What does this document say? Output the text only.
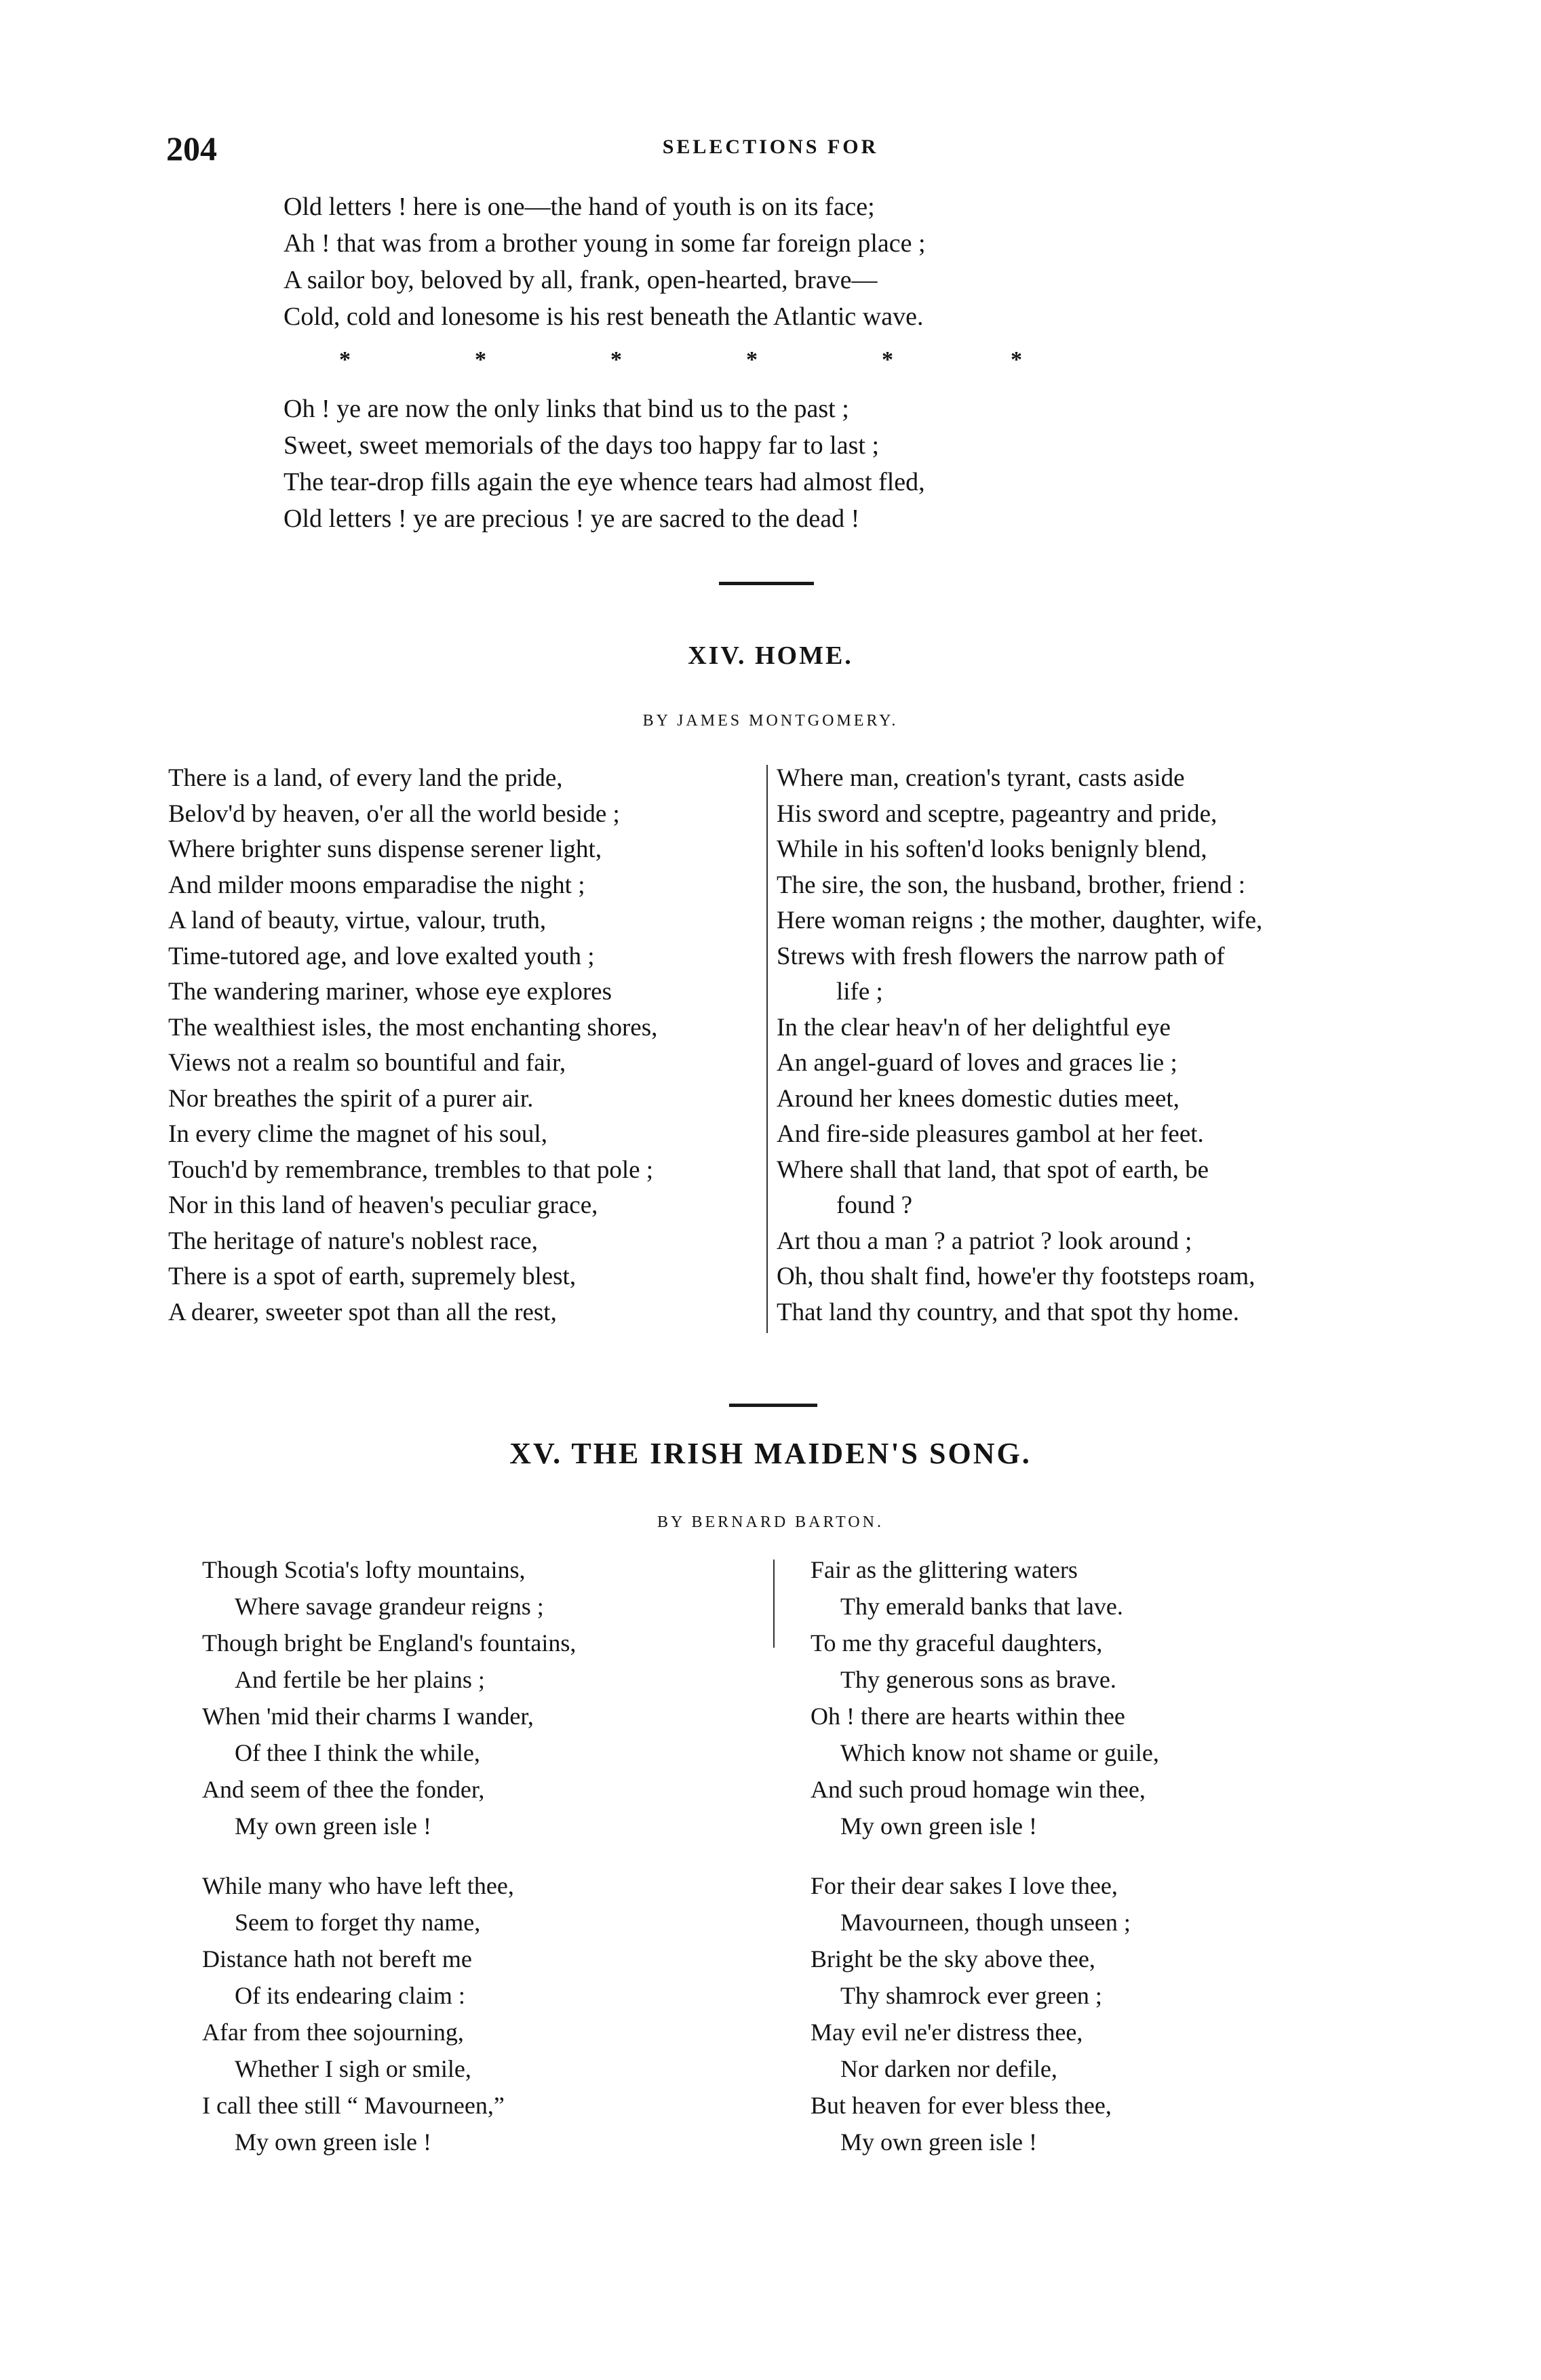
204	SELECTIONS FOR
Old letters ! here is one—the hand of youth is on its face;
Ah ! that was from a brother young in some far foreign place ;
A sailor boy, beloved by all, frank, open-hearted, brave—
Cold, cold and lonesome is his rest beneath the Atlantic wave.
*	*	*	*	*	*
Oh ! ye are now the only links that bind us to the past ;
Sweet, sweet memorials of the days too happy far to last ;
The tear-drop fills again the eye whence tears had almost fled,
Old letters ! ye are precious ! ye are sacred to the dead !
XIV. HOME.
BY JAMES MONTGOMERY.
There is a land, of every land the pride,
Belov'd by heaven, o'er all the world beside ;
Where brighter suns dispense serener light,
And milder moons emparadise the night ;
A land of beauty, virtue, valour, truth,
Time-tutored age, and love exalted youth ;
The wandering mariner, whose eye explores
The wealthiest isles, the most enchanting shores,
Views not a realm so bountiful and fair,
Nor breathes the spirit of a purer air.
In every clime the magnet of his soul,
Touch'd by remembrance, trembles to that pole ;
Nor in this land of heaven's peculiar grace,
The heritage of nature's noblest race,
There is a spot of earth, supremely blest,
A dearer, sweeter spot than all the rest,
Where man, creation's tyrant, casts aside
His sword and sceptre, pageantry and pride,
While in his soften'd looks benignly blend,
The sire, the son, the husband, brother, friend :
Here woman reigns ; the mother, daughter, wife,
Strews with fresh flowers the narrow path of
life ;
In the clear heav'n of her delightful eye
An angel-guard of loves and graces lie ;
Around her knees domestic duties meet,
And fire-side pleasures gambol at her feet.
Where shall that land, that spot of earth, be
found ?
Art thou a man ? a patriot ? look around ;
Oh, thou shalt find, howe'er thy footsteps roam,
That land thy country, and that spot thy home.
XV. THE IRISH MAIDEN'S SONG.
BY BERNARD BARTON.
Though Scotia's lofty mountains,
Where savage grandeur reigns ;
Though bright be England's fountains,
And fertile be her plains ;
When 'mid their charms I wander,
Of thee I think the while,
And seem of thee the fonder,
My own green isle !
While many who have left thee,
Seem to forget thy name,
Distance hath not bereft me
Of its endearing claim :
Afar from thee sojourning,
Whether I sigh or smile,
I call thee still “ Mavourneen,”
My own green isle !
Fair as the glittering waters
Thy emerald banks that lave.
To me thy graceful daughters,
Thy generous sons as brave.
Oh ! there are hearts within thee
Which know not shame or guile,
And such proud homage win thee,
My own green isle !
For their dear sakes I love thee,
Mavourneen, though unseen ;
Bright be the sky above thee,
Thy shamrock ever green ;
May evil ne'er distress thee,
Nor darken nor defile,
But heaven for ever bless thee,
My own green isle !
